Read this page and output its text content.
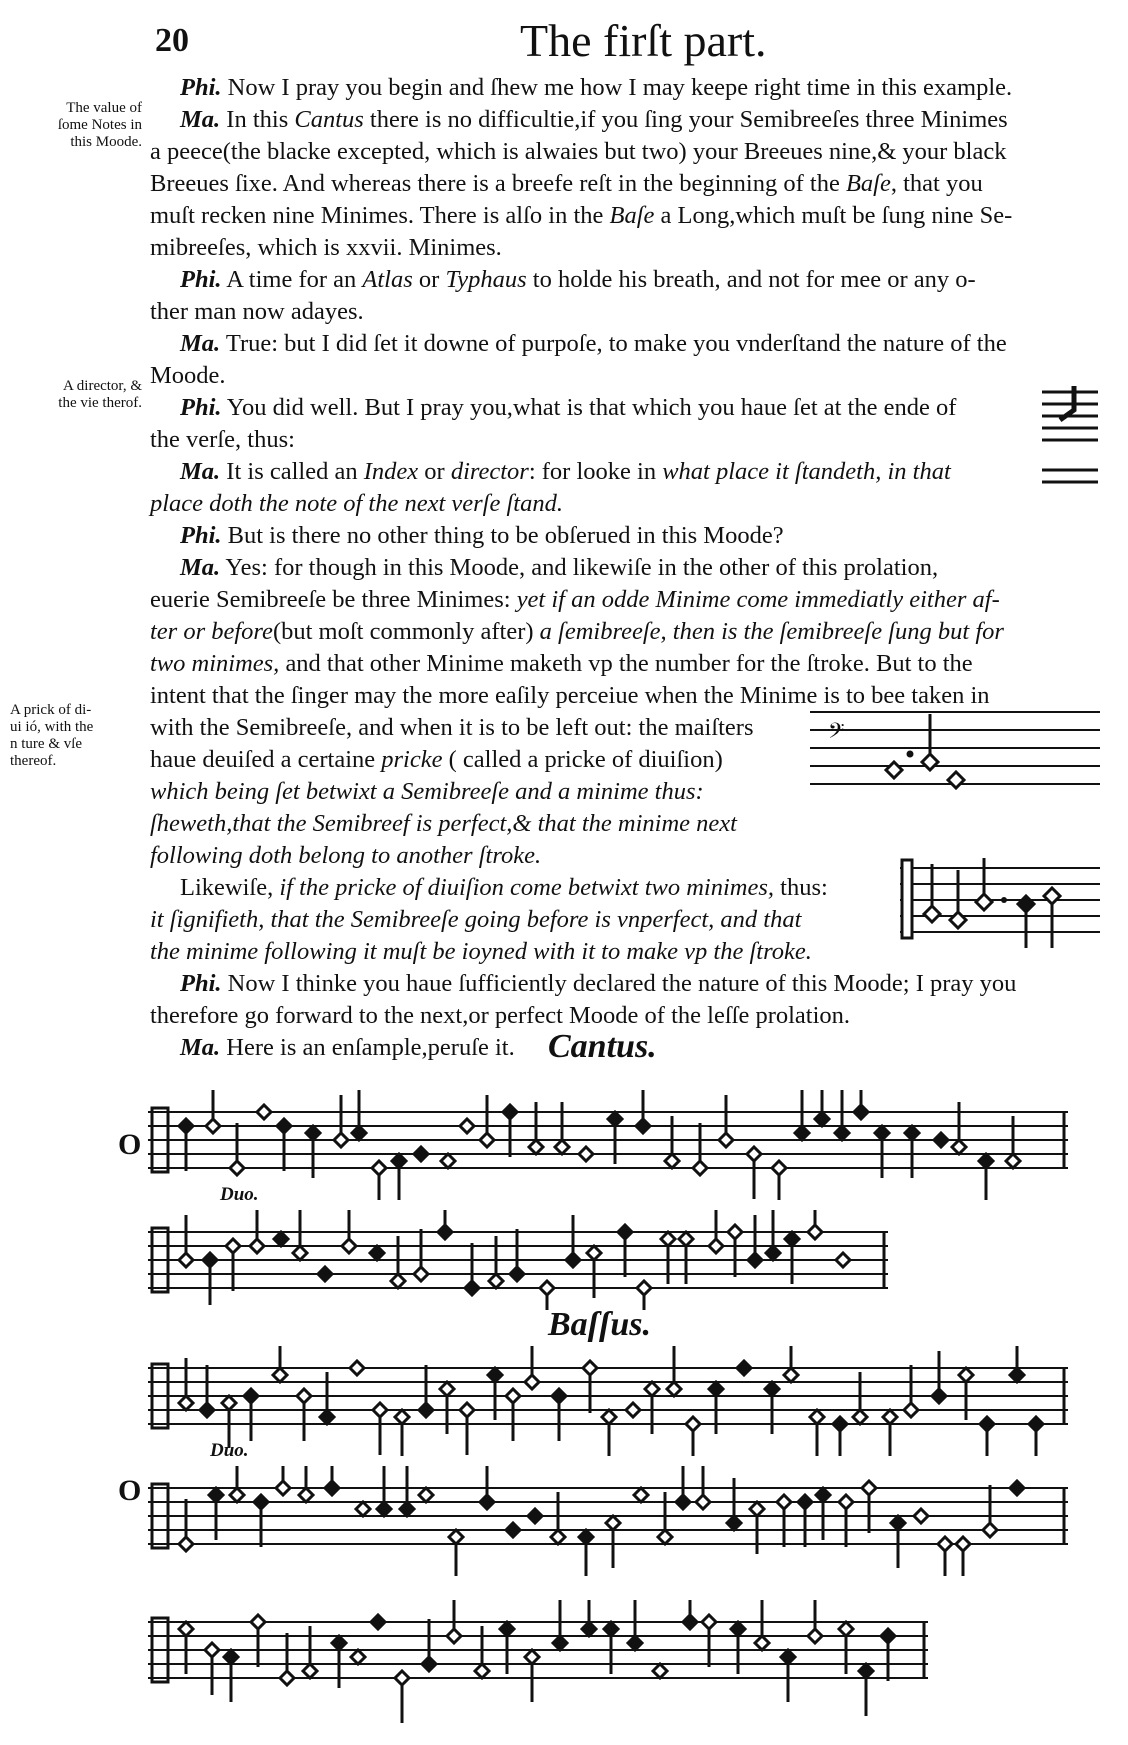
20	The firſt part.
The value of
ſome Notes in
this Moode.
A director, &
the vie therof.
A prick of di-
ui ió, with the
n ture & vſe
thereof.
Phi. Now I pray you begin and ſhew me how I may keepe right time in this example.
Ma. In this Cantus there is no difficultie,if you ſing your Semibreeſes three Minimes
a peece(the blacke excepted, which is alwaies but two) your Breeues nine,& your black
Breeues ſixe. And whereas there is a breefe reſt in the beginning of the Baſe, that you
muſt recken nine Minimes. There is alſo in the Baſe a Long,which muſt be ſung nine Se-
mibreeſes, which is xxvii. Minimes.
Phi. A time for an Atlas or Typhaus to holde his breath, and not for mee or any o-
ther man now adayes.
Ma. True: but I did ſet it downe of purpoſe, to make you vnderſtand the nature of the
Moode.
Phi. You did well. But I pray you,what is that which you haue ſet at the ende of
the verſe, thus:
Ma. It is called an Index or director: for looke in what place it ſtandeth, in that
place doth the note of the next verſe ſtand.
Phi. But is there no other thing to be obſerued in this Moode?
Ma. Yes: for though in this Moode, and likewiſe in the other of this prolation,
euerie Semibreeſe be three Minimes: yet if an odde Minime come immediatly either af-
ter or before(but moſt commonly after) a ſemibreeſe, then is the ſemibreeſe ſung but for
two minimes, and that other Minime maketh vp the number for the ſtroke. But to the
intent that the ſinger may the more eaſily perceiue when the Minime is to bee taken in
with the Semibreeſe, and when it is to be left out: the maiſters
haue deuiſed a certaine pricke ( called a pricke of diuiſion)
which being ſet betwixt a Semibreeſe and a minime thus:
ſheweth,that the Semibreef is perfect,& that the minime next
following doth belong to another ſtroke.
Likewiſe, if the pricke of diuiſion come betwixt two minimes, thus:
it ſignifieth, that the Semibreeſe going before is vnperfect, and that
the minime following it muſt be ioyned with it to make vp the ſtroke.
Phi. Now I thinke you haue ſufficiently declared the nature of this Moode; I pray you
therefore go forward to the next,or perfect Moode of the leſſe prolation.
Ma. Here is an enſample,peruſe it.
𝄢
Cantus.
O
Duo.
Baſſus.
Duo.
O
